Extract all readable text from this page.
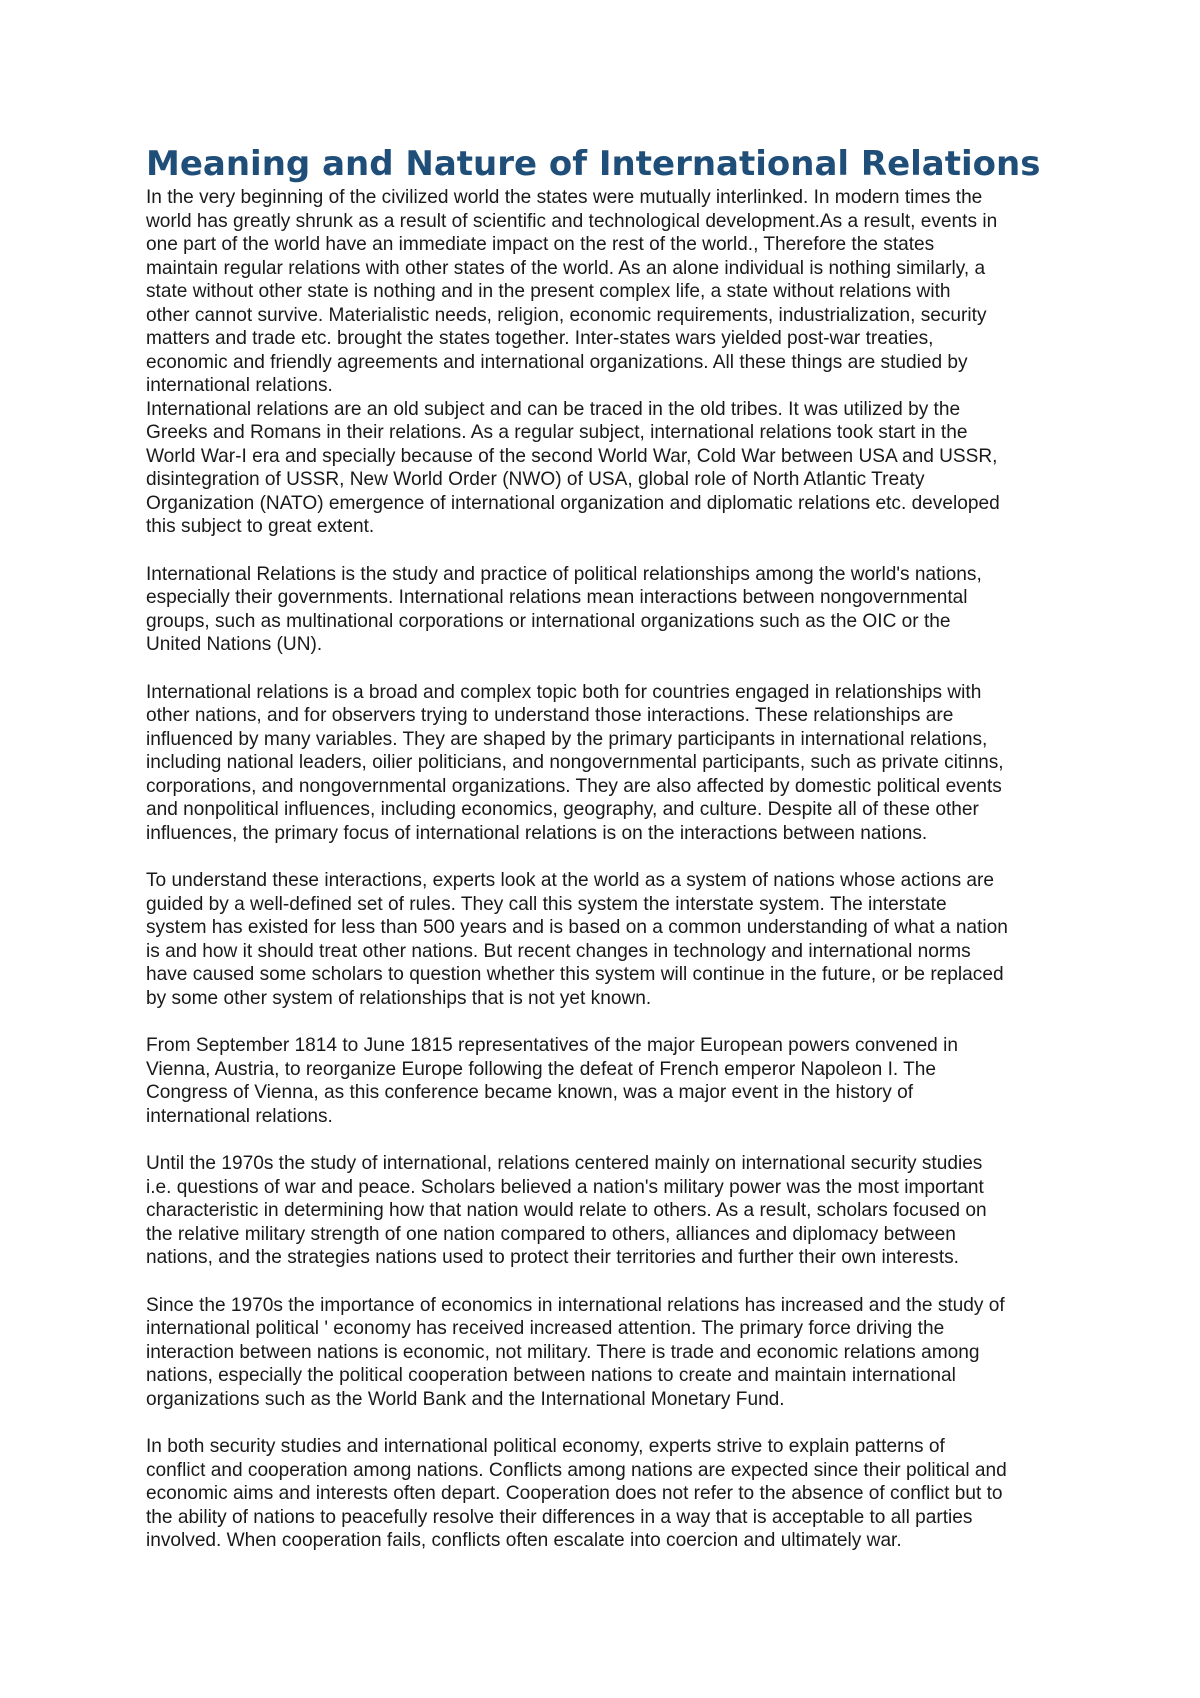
Meaning and Nature of International Relations

In the very beginning of the civilized world the states were mutually interlinked. In modern times the
world has greatly shrunk as a result of scientific and technological development.As a result, events in
one part of the world have an immediate impact on the rest of the world., Therefore the states
maintain regular relations with other states of the world. As an alone individual is nothing similarly, a
state without other state is nothing and in the present complex life, a state without relations with
other cannot survive. Materialistic needs, religion, economic requirements, industrialization, security
matters and trade etc. brought the states together. Inter-states wars yielded post-war treaties,
economic and friendly agreements and international organizations. All these things are studied by
international relations.

International relations are an old subject and can be traced in the old tribes. It was utilized by the
Greeks and Romans in their relations. As a regular subject, international relations took start in the
World War-I era and specially because of the second World War, Cold War between USA and USSR,
disintegration of USSR, New World Order (NWO) of USA, global role of North Atlantic Treaty
Organization (NATO) emergence of international organization and diplomatic relations etc. developed
this subject to great extent.

International Relations is the study and practice of political relationships among the world's nations,
especially their governments. International relations mean interactions between nongovernmental
groups, such as multinational corporations or international organizations such as the OIC or the
United Nations (UN).

International relations is a broad and complex topic both for countries engaged in relationships with
other nations, and for observers trying to understand those interactions. These relationships are
influenced by many variables. They are shaped by the primary participants in international relations,
including national leaders, oilier politicians, and nongovernmental participants, such as private citinns,
corporations, and nongovernmental organizations. They are also affected by domestic political events
and nonpolitical influences, including economics, geography, and culture. Despite all of these other
influences, the primary focus of international relations is on the interactions between nations.

To understand these interactions, experts look at the world as a system of nations whose actions are
guided by a well-defined set of rules. They call this system the interstate system. The interstate
system has existed for less than 500 years and is based on a common understanding of what a nation
is and how it should treat other nations. But recent changes in technology and international norms
have caused some scholars to question whether this system will continue in the future, or be replaced
by some other system of relationships that is not yet known.

From September 1814 to June 1815 representatives of the major European powers convened in
Vienna, Austria, to reorganize Europe following the defeat of French emperor Napoleon I. The
Congress of Vienna, as this conference became known, was a major event in the history of
international relations.

Until the 1970s the study of international, relations centered mainly on international security studies
i.e. questions of war and peace. Scholars believed a nation's military power was the most important
characteristic in determining how that nation would relate to others. As a result, scholars focused on
the relative military strength of one nation compared to others, alliances and diplomacy between
nations, and the strategies nations used to protect their territories and further their own interests.

Since the 1970s the importance of economics in international relations has increased and the study of
international political ' economy has received increased attention. The primary force driving the
interaction between nations is economic, not military. There is trade and economic relations among
nations, especially the political cooperation between nations to create and maintain international
organizations such as the World Bank and the International Monetary Fund.

In both security studies and international political economy, experts strive to explain patterns of
conflict and cooperation among nations. Conflicts among nations are expected since their political and
economic aims and interests often depart. Cooperation does not refer to the absence of conflict but to
the ability of nations to peacefully resolve their differences in a way that is acceptable to all parties
involved. When cooperation fails, conflicts often escalate into coercion and ultimately war.
